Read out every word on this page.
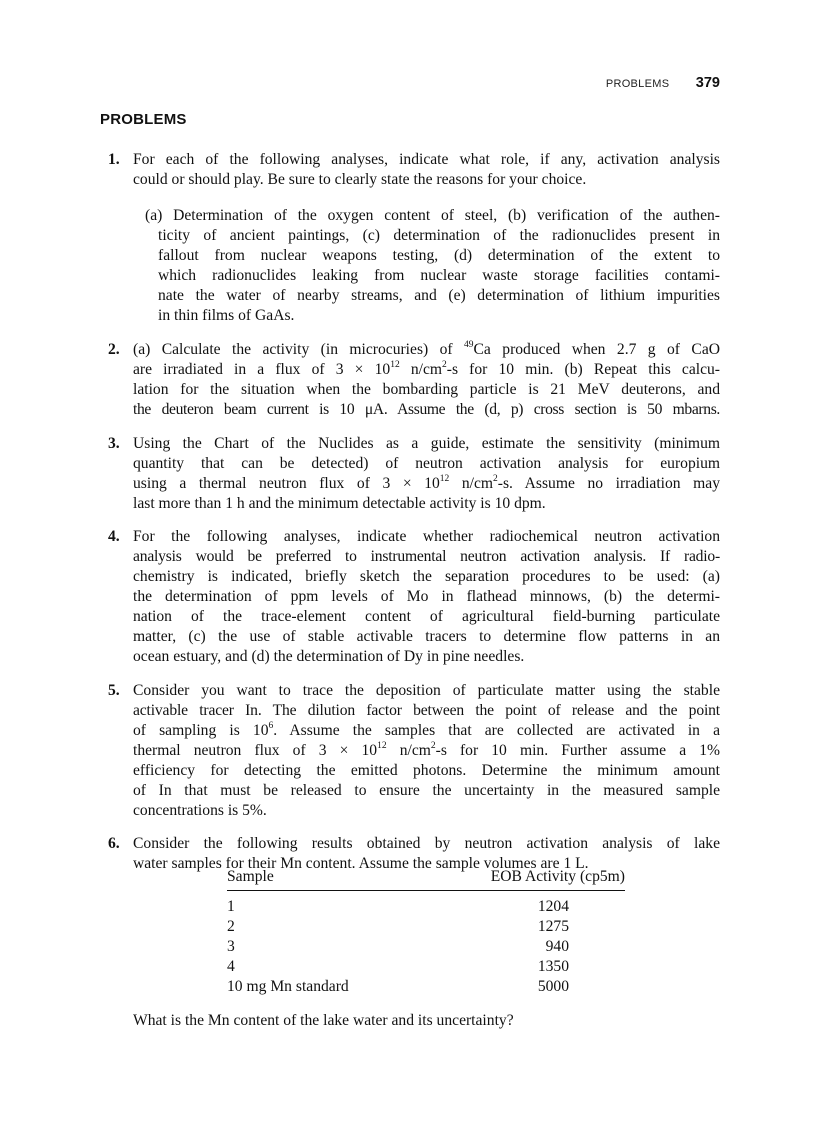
PROBLEMS 379
PROBLEMS
1. For each of the following analyses, indicate what role, if any, activation analysis
could or should play. Be sure to clearly state the reasons for your choice.
(a) Determination of the oxygen content of steel, (b) verification of the authen-
ticity of ancient paintings, (c) determination of the radionuclides present in
fallout from nuclear weapons testing, (d) determination of the extent to
which radionuclides leaking from nuclear waste storage facilities contami-
nate the water of nearby streams, and (e) determination of lithium impurities
in thin films of GaAs.
2. (a) Calculate the activity (in microcuries) of $^{49}$Ca produced when 2.7 g of CaO
are irradiated in a flux of $3 \times 10^{12}$ $n/cm^2-s$ for 10 min. (b) Repeat this calcu-
lation for the situation when the bombarding particle is 21 MeV deuterons, and
the deuteron beam current is 10 μA. Assume the (d, p) cross section is 50 mbarns.
3. Using the Chart of the Nuclides as a guide, estimate the sensitivity (minimum
quantity that can be detected) of neutron activation analysis for europium
using a thermal neutron flux of $3 \times 10^{12}$ $n/cm^2-s$. Assume no irradiation may
last more than 1 h and the minimum detectable activity is 10 dpm.
4. For the following analyses, indicate whether radiochemical neutron activation
analysis would be preferred to instrumental neutron activation analysis. If radio-
chemistry is indicated, briefly sketch the separation procedures to be used: (a)
the determination of ppm levels of Mo in flathead minnows, (b) the determi-
nation of the trace-element content of agricultural field-burning particulate
matter, (c) the use of stable activable tracers to determine flow patterns in an
ocean estuary, and (d) the determination of Dy in pine needles.
5. Consider you want to trace the deposition of particulate matter using the stable
activable tracer In. The dilution factor between the point of release and the point
of sampling is $10^6$. Assume the samples that are collected are activated in a
thermal neutron flux of $3 \times 10^{12}$ $n/cm^2-s$ for 10 min. Further assume a 1%
efficiency for detecting the emitted photons. Determine the minimum amount
of In that must be released to ensure the uncertainty in the measured sample
concentrations is 5%.
6. Consider the following results obtained by neutron activation analysis of lake
water samples for their Mn content. Assume the sample volumes are 1 L.
Sample	EOB Activity (cp5m)
1	1204
2	1275
3	940
4	1350
10 mg Mn standard	5000
What is the Mn content of the lake water and its uncertainty?
